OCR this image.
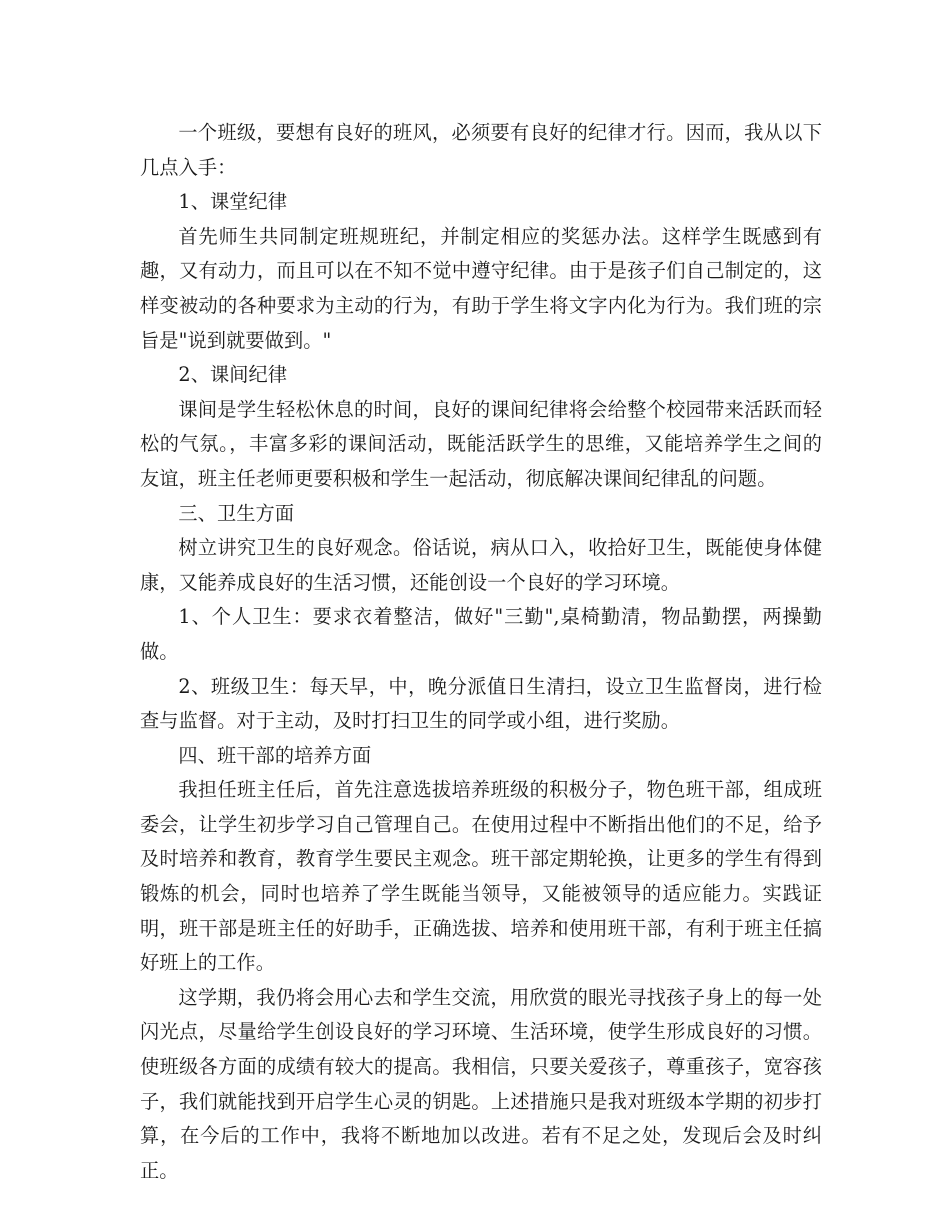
一个班级，要想有良好的班风，必须要有良好的纪律才行。因而，我从以下几点入手：

1、课堂纪律

首先师生共同制定班规班纪，并制定相应的奖惩办法。这样学生既感到有趣，又有动力，而且可以在不知不觉中遵守纪律。由于是孩子们自己制定的，这样变被动的各种要求为主动的行为，有助于学生将文字内化为行为。我们班的宗旨是"说到就要做到。"

2、课间纪律

课间是学生轻松休息的时间，良好的课间纪律将会给整个校园带来活跃而轻松的气氛。，丰富多彩的课间活动，既能活跃学生的思维，又能培养学生之间的友谊，班主任老师更要积极和学生一起活动，彻底解决课间纪律乱的问题。

三、卫生方面

树立讲究卫生的良好观念。俗话说，病从口入，收拾好卫生，既能使身体健康，又能养成良好的生活习惯，还能创设一个良好的学习环境。

1、个人卫生：要求衣着整洁，做好"三勤",桌椅勤清，物品勤摆，两操勤做。

2、班级卫生：每天早，中，晚分派值日生清扫，设立卫生监督岗，进行检查与监督。对于主动，及时打扫卫生的同学或小组，进行奖励。

四、班干部的培养方面

我担任班主任后，首先注意选拔培养班级的积极分子，物色班干部，组成班委会，让学生初步学习自己管理自己。在使用过程中不断指出他们的不足，给予及时培养和教育，教育学生要民主观念。班干部定期轮换，让更多的学生有得到锻炼的机会，同时也培养了学生既能当领导，又能被领导的适应能力。实践证明，班干部是班主任的好助手，正确选拔、培养和使用班干部，有利于班主任搞好班上的工作。

这学期，我仍将会用心去和学生交流，用欣赏的眼光寻找孩子身上的每一处闪光点，尽量给学生创设良好的学习环境、生活环境，使学生形成良好的习惯。使班级各方面的成绩有较大的提高。我相信，只要关爱孩子，尊重孩子，宽容孩子，我们就能找到开启学生心灵的钥匙。上述措施只是我对班级本学期的初步打算，在今后的工作中，我将不断地加以改进。若有不足之处，发现后会及时纠正。
